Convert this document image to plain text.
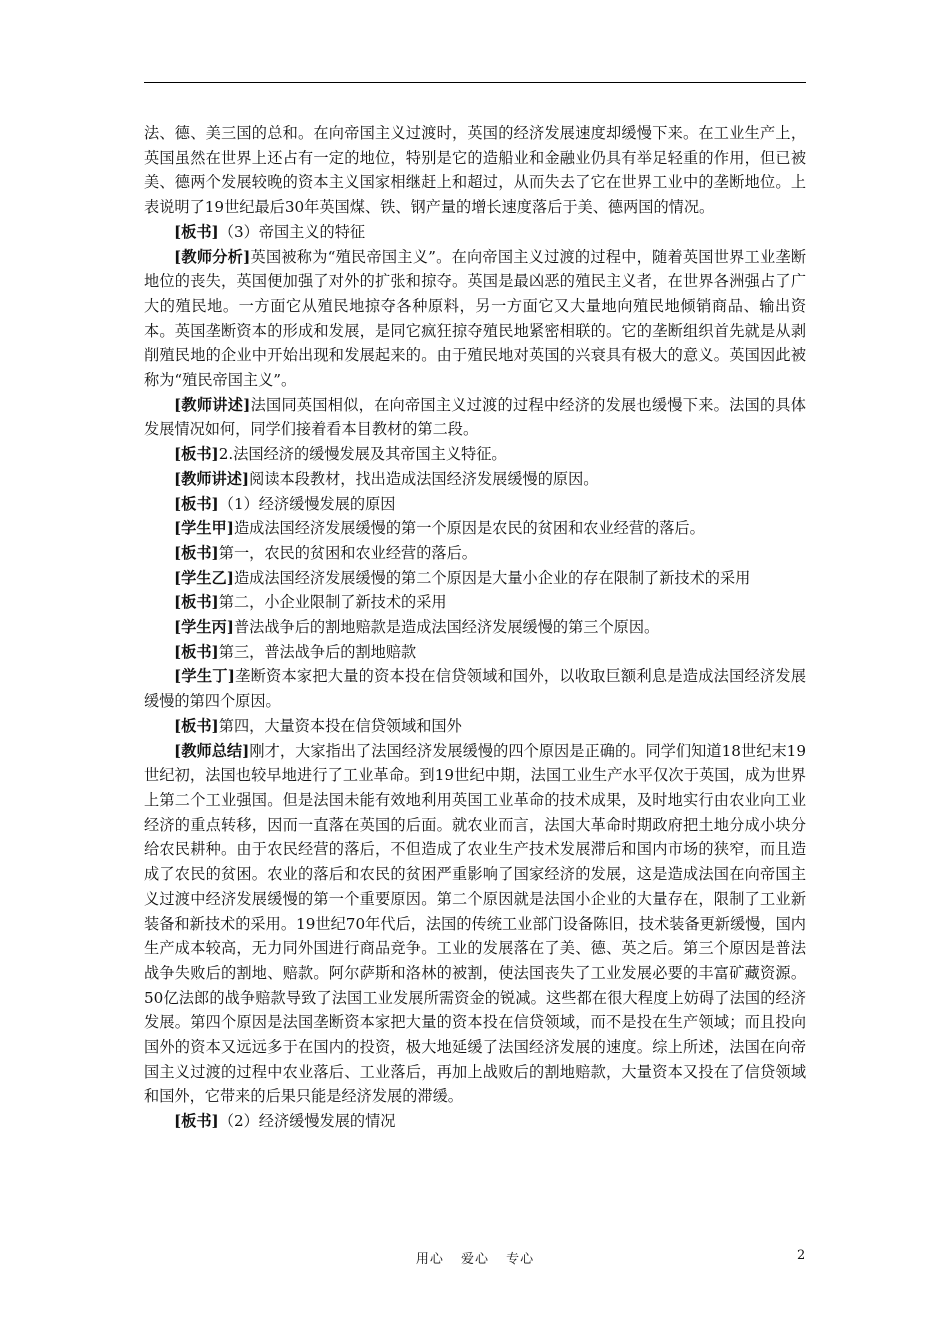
法、德、美三国的总和。在向帝国主义过渡时，英国的经济发展速度却缓慢下来。在工业生产上，英国虽然在世界上还占有一定的地位，特别是它的造船业和金融业仍具有举足轻重的作用，但已被美、德两个发展较晚的资本主义国家相继赶上和超过，从而失去了它在世界工业中的垄断地位。上表说明了19世纪最后30年英国煤、铁、钢产量的增长速度落后于美、德两国的情况。

[板书]（3）帝国主义的特征

[教师分析]英国被称为“殖民帝国主义”。在向帝国主义过渡的过程中，随着英国世界工业垄断地位的丧失，英国便加强了对外的扩张和掠夺。英国是最凶恶的殖民主义者，在世界各洲强占了广大的殖民地。一方面它从殖民地掠夺各种原料，另一方面它又大量地向殖民地倾销商品、输出资本。英国垄断资本的形成和发展，是同它疯狂掠夺殖民地紧密相联的。它的垄断组织首先就是从剥削殖民地的企业中开始出现和发展起来的。由于殖民地对英国的兴衰具有极大的意义。英国因此被称为“殖民帝国主义”。

[教师讲述]法国同英国相似，在向帝国主义过渡的过程中经济的发展也缓慢下来。法国的具体发展情况如何，同学们接着看本目教材的第二段。

[板书]2.法国经济的缓慢发展及其帝国主义特征。

[教师讲述]阅读本段教材，找出造成法国经济发展缓慢的原因。

[板书]（1）经济缓慢发展的原因

[学生甲]造成法国经济发展缓慢的第一个原因是农民的贫困和农业经营的落后。

[板书]第一，农民的贫困和农业经营的落后。

[学生乙]造成法国经济发展缓慢的第二个原因是大量小企业的存在限制了新技术的采用

[板书]第二，小企业限制了新技术的采用

[学生丙]普法战争后的割地赔款是造成法国经济发展缓慢的第三个原因。

[板书]第三，普法战争后的割地赔款

[学生丁]垄断资本家把大量的资本投在信贷领域和国外，以收取巨额利息是造成法国经济发展缓慢的第四个原因。

[板书]第四，大量资本投在信贷领域和国外

[教师总结]刚才，大家指出了法国经济发展缓慢的四个原因是正确的。同学们知道18世纪末19世纪初，法国也较早地进行了工业革命。到19世纪中期，法国工业生产水平仅次于英国，成为世界上第二个工业强国。但是法国未能有效地利用英国工业革命的技术成果，及时地实行由农业向工业经济的重点转移，因而一直落在英国的后面。就农业而言，法国大革命时期政府把土地分成小块分给农民耕种。由于农民经营的落后，不但造成了农业生产技术发展滞后和国内市场的狭窄，而且造成了农民的贫困。农业的落后和农民的贫困严重影响了国家经济的发展，这是造成法国在向帝国主义过渡中经济发展缓慢的第一个重要原因。第二个原因就是法国小企业的大量存在，限制了工业新装备和新技术的采用。19世纪70年代后，法国的传统工业部门设备陈旧，技术装备更新缓慢，国内生产成本较高，无力同外国进行商品竞争。工业的发展落在了美、德、英之后。第三个原因是普法战争失败后的割地、赔款。阿尔萨斯和洛林的被割，使法国丧失了工业发展必要的丰富矿藏资源。50亿法郎的战争赔款导致了法国工业发展所需资金的锐减。这些都在很大程度上妨碍了法国的经济发展。第四个原因是法国垄断资本家把大量的资本投在信贷领域，而不是投在生产领域；而且投向国外的资本又远远多于在国内的投资，极大地延缓了法国经济发展的速度。综上所述，法国在向帝国主义过渡的过程中农业落后、工业落后，再加上战败后的割地赔款，大量资本又投在了信贷领域和国外，它带来的后果只能是经济发展的滞缓。

[板书]（2）经济缓慢发展的情况

用心 爱心 专心	2
